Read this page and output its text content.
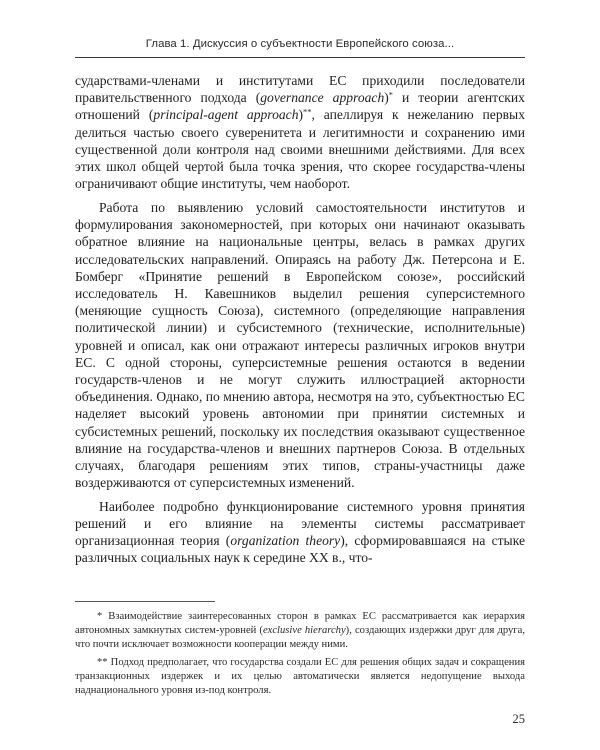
Глава 1. Дискуссия о субъектности Европейского союза...

сударствами-членами и институтами ЕС приходили последователи правительственного подхода (governance approach)* и теории агентских отношений (principal-agent approach)**, апеллируя к нежеланию первых делиться частью своего суверенитета и легитимности и сохранению ими существенной доли контроля над своими внешними действиями. Для всех этих школ общей чертой была точка зрения, что скорее государства-члены ограничивают общие институты, чем наоборот.

Работа по выявлению условий самостоятельности институтов и формулирования закономерностей, при которых они начинают оказывать обратное влияние на национальные центры, велась в рамках других исследовательских направлений. Опираясь на работу Дж. Петерсона и Е. Бомберг «Принятие решений в Европейском союзе», российский исследователь Н. Кавешников выделил решения суперсистемного (меняющие сущность Союза), системного (определяющие направления политической линии) и субсистемного (технические, исполнительные) уровней и описал, как они отражают интересы различных игроков внутри ЕС. С одной стороны, суперсистемные решения остаются в ведении государств-членов и не могут служить иллюстрацией акторности объединения. Однако, по мнению автора, несмотря на это, субъектностью ЕС наделяет высокий уровень автономии при принятии системных и субсистемных решений, поскольку их последствия оказывают существенное влияние на государства-членов и внешних партнеров Союза. В отдельных случаях, благодаря решениям этих типов, страны-участницы даже воздерживаются от суперсистемных изменений.

Наиболее подробно функционирование системного уровня принятия решений и его влияние на элементы системы рассматривает организационная теория (organization theory), сформировавшаяся на стыке различных социальных наук к середине XX в., что-

* Взаимодействие заинтересованных сторон в рамках ЕС рассматривается как иерархия автономных замкнутых систем-уровней (exclusive hierarchy), создающих издержки друг для друга, что почти исключает возможности кооперации между ними.

** Подход предполагает, что государства создали ЕС для решения общих задач и сокращения транзакционных издержек и их целью автоматически является недопущение выхода наднационального уровня из-под контроля.

25
